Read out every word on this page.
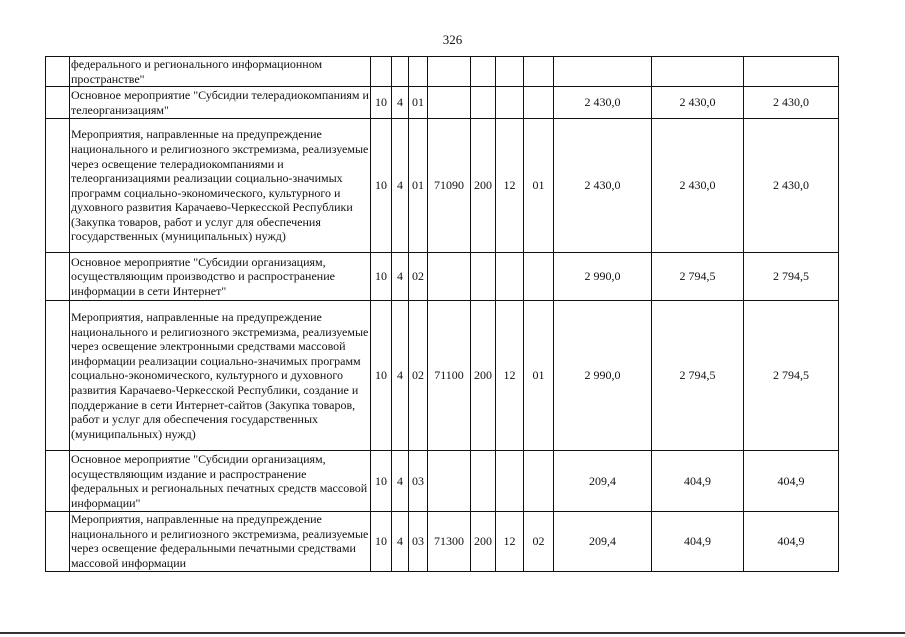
326
	федерального и регионального информационном пространстве"										
	Основное мероприятие "Субсидии телерадиокомпаниям и телеорганизациям"	10	4	01					2 430,0	2 430,0	2 430,0
	Мероприятия, направленные на предупреждение национального и религиозного экстремизма, реализуемые через освещение телерадиокомпаниями и телеорганизациями реализации социально-значимых программ социально-экономического, культурного и духовного развития Карачаево-Черкесской Республики (Закупка товаров, работ и услуг для обеспечения государственных (муниципальных) нужд)	10	4	01	71090	200	12	01	2 430,0	2 430,0	2 430,0
	Основное мероприятие "Субсидии организациям, осуществляющим производство и распространение информации в сети Интернет"	10	4	02					2 990,0	2 794,5	2 794,5
	Мероприятия, направленные на предупреждение национального и религиозного экстремизма, реализуемые через освещение электронными средствами массовой информации реализации социально-значимых программ социально-экономического, культурного и духовного развития Карачаево-Черкесской Республики, создание и поддержание в сети Интернет-сайтов (Закупка товаров, работ и услуг для обеспечения государственных (муниципальных) нужд)	10	4	02	71100	200	12	01	2 990,0	2 794,5	2 794,5
	Основное мероприятие "Субсидии организациям, осуществляющим издание и распространение федеральных и региональных печатных средств массовой информации"	10	4	03					209,4	404,9	404,9
	Мероприятия, направленные на предупреждение национального и религиозного экстремизма, реализуемые через освещение федеральными печатными средствами массовой информации	10	4	03	71300	200	12	02	209,4	404,9	404,9
